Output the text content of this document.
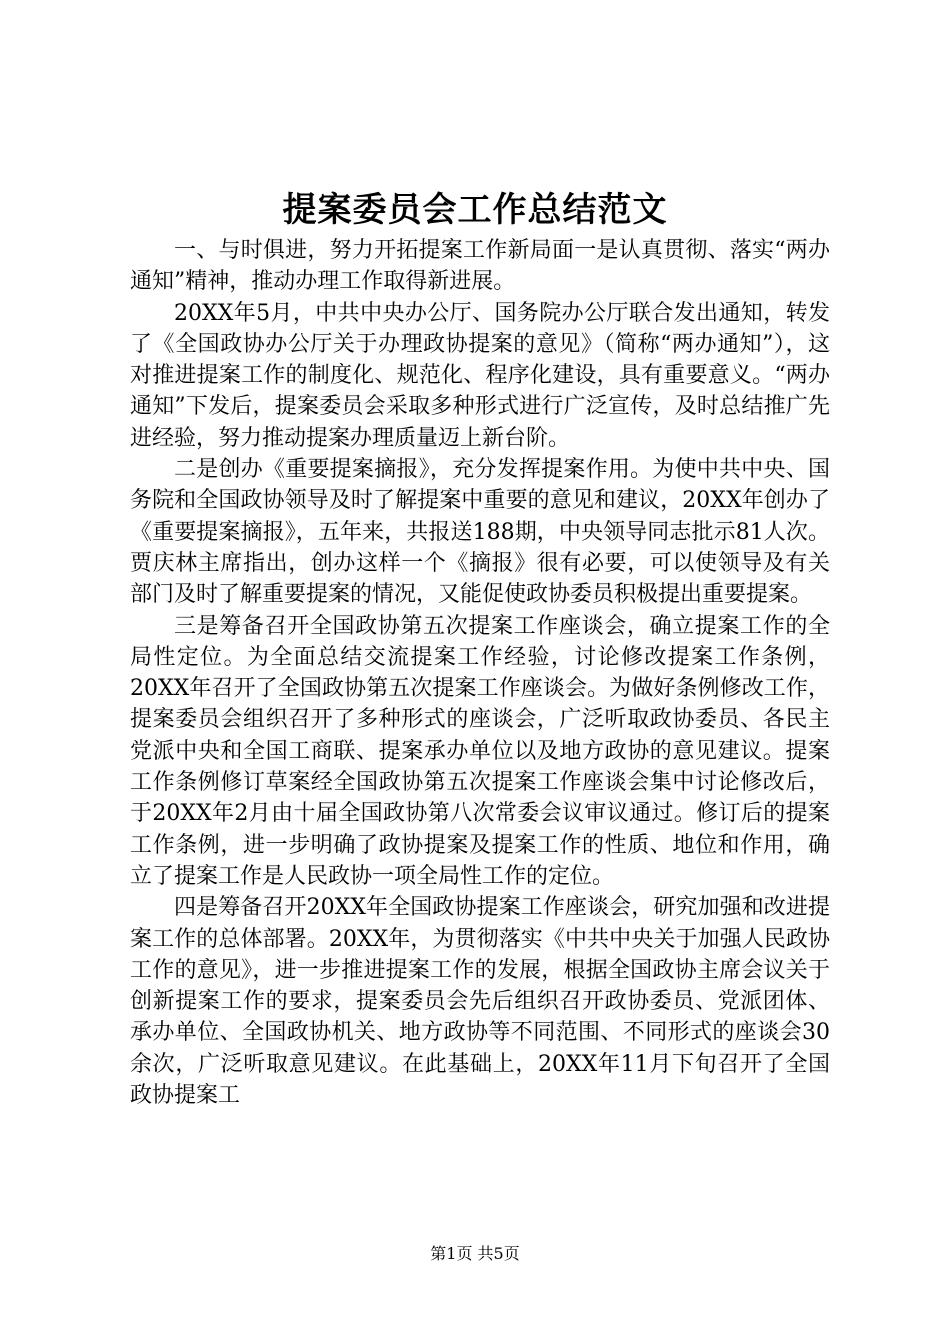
提案委员会工作总结范文

一、与时俱进，努力开拓提案工作新局面一是认真贯彻、落实“两办通知”精神，推动办理工作取得新进展。

20XX年5月，中共中央办公厅、国务院办公厅联合发出通知，转发了《全国政协办公厅关于办理政协提案的意见》（简称“两办通知”），这对推进提案工作的制度化、规范化、程序化建设，具有重要意义。“两办通知”下发后，提案委员会采取多种形式进行广泛宣传，及时总结推广先进经验，努力推动提案办理质量迈上新台阶。

二是创办《重要提案摘报》，充分发挥提案作用。为使中共中央、国务院和全国政协领导及时了解提案中重要的意见和建议，20XX年创办了《重要提案摘报》，五年来，共报送188期，中央领导同志批示81人次。贾庆林主席指出，创办这样一个《摘报》很有必要，可以使领导及有关部门及时了解重要提案的情况，又能促使政协委员积极提出重要提案。

三是筹备召开全国政协第五次提案工作座谈会，确立提案工作的全局性定位。为全面总结交流提案工作经验，讨论修改提案工作条例，20XX年召开了全国政协第五次提案工作座谈会。为做好条例修改工作，提案委员会组织召开了多种形式的座谈会，广泛听取政协委员、各民主党派中央和全国工商联、提案承办单位以及地方政协的意见建议。提案工作条例修订草案经全国政协第五次提案工作座谈会集中讨论修改后，于20XX年2月由十届全国政协第八次常委会议审议通过。修订后的提案工作条例，进一步明确了政协提案及提案工作的性质、地位和作用，确立了提案工作是人民政协一项全局性工作的定位。

四是筹备召开20XX年全国政协提案工作座谈会，研究加强和改进提案工作的总体部署。20XX年，为贯彻落实《中共中央关于加强人民政协工作的意见》，进一步推进提案工作的发展，根据全国政协主席会议关于创新提案工作的要求，提案委员会先后组织召开政协委员、党派团体、承办单位、全国政协机关、地方政协等不同范围、不同形式的座谈会30余次，广泛听取意见建议。在此基础上，20XX年11月下旬召开了全国政协提案工

第1页 共5页
